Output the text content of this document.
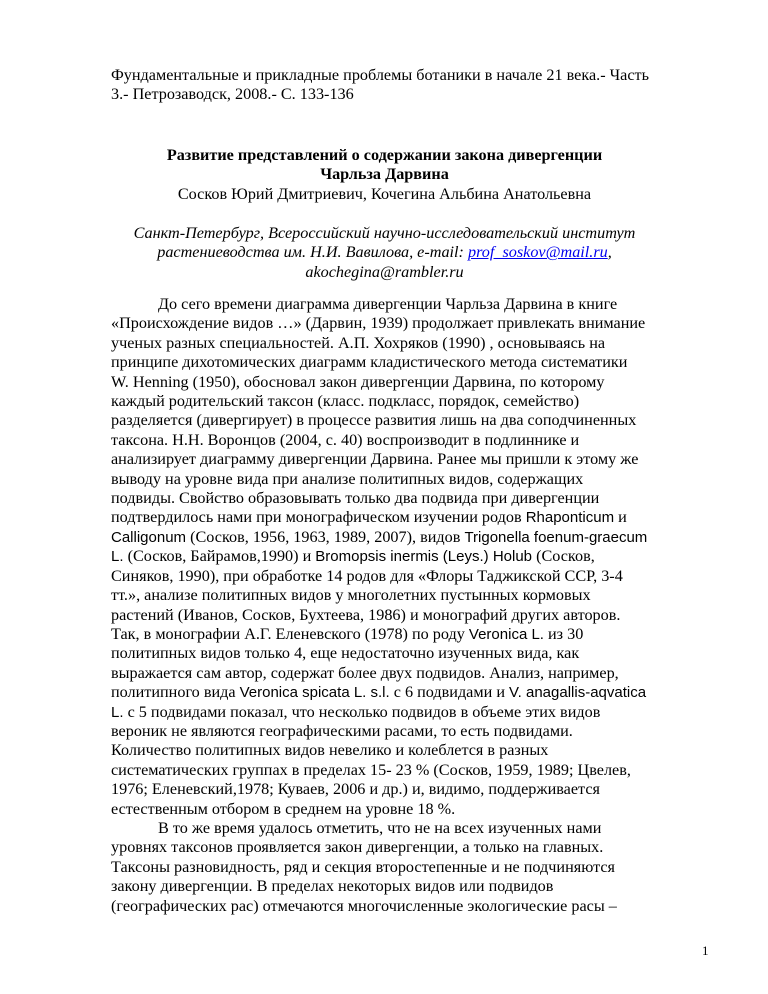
Фундаментальные и прикладные проблемы ботаники в начале 21 века.- Часть
3.- Петрозаводск, 2008.- С. 133-136
Развитие представлений о содержании закона дивергенции
Чарльза Дарвина
Сосков Юрий Дмитриевич, Кочегина Альбина Анатольевна
Санкт-Петербург, Всероссийский научно-исследовательский институт
растениеводства им. Н.И. Вавилова, e-mail: prof_soskov@mail.ru,
akochegina@rambler.ru
До сего времени диаграмма дивергенции Чарльза Дарвина в книге
«Происхождение видов …» (Дарвин, 1939) продолжает привлекать внимание
ученых разных специальностей. А.П. Хохряков (1990) , основываясь на
принципе дихотомических диаграмм кладистического метода систематики
W. Henning (1950), обосновал закон дивергенции Дарвина, по которому
каждый родительский таксон (класс. подкласс, порядок, семейство)
разделяется (дивергирует) в процессе развития лишь на два соподчиненных
таксона. Н.Н. Воронцов (2004, с. 40) воспроизводит в подлиннике и
анализирует диаграмму дивергенции Дарвина. Ранее мы пришли к этому же
выводу на уровне вида при анализе политипных видов, содержащих
подвиды. Свойство образовывать только два подвида при дивергенции
подтвердилось нами при монографическом изучении родов Rhaponticum и
Calligonum (Сосков, 1956, 1963, 1989, 2007), видов Trigonella foenum-graecum
L. (Сосков, Байрамов,1990) и Bromopsis inermis (Leys.) Holub (Сосков,
Синяков, 1990), при обработке 14 родов для «Флоры Таджикской ССР, 3-4
тт.», анализе политипных видов у многолетних пустынных кормовых
растений (Иванов, Сосков, Бухтеева, 1986) и монографий других авторов.
Так, в монографии А.Г. Еленевского (1978) по роду Veronica L. из 30
политипных видов только 4, еще недостаточно изученных вида, как
выражается сам автор, содержат более двух подвидов. Анализ, например,
политипного вида Veronica spicata L. s.l. с 6 подвидами и V. anagallis-aqvatica
L. с 5 подвидами показал, что несколько подвидов в объеме этих видов
вероник не являются географическими расами, то есть подвидами.
Количество политипных видов невелико и колеблется в разных
систематических группах в пределах 15- 23 % (Сосков, 1959, 1989; Цвелев,
1976; Еленевский,1978; Куваев, 2006 и др.) и, видимо, поддерживается
естественным отбором в среднем на уровне 18 %.
В то же время удалось отметить, что не на всех изученных нами
уровнях таксонов проявляется закон дивергенции, а только на главных.
Таксоны разновидность, ряд и секция второстепенные и не подчиняются
закону дивергенции. В пределах некоторых видов или подвидов
(географических рас) отмечаются многочисленные экологические расы –
1
